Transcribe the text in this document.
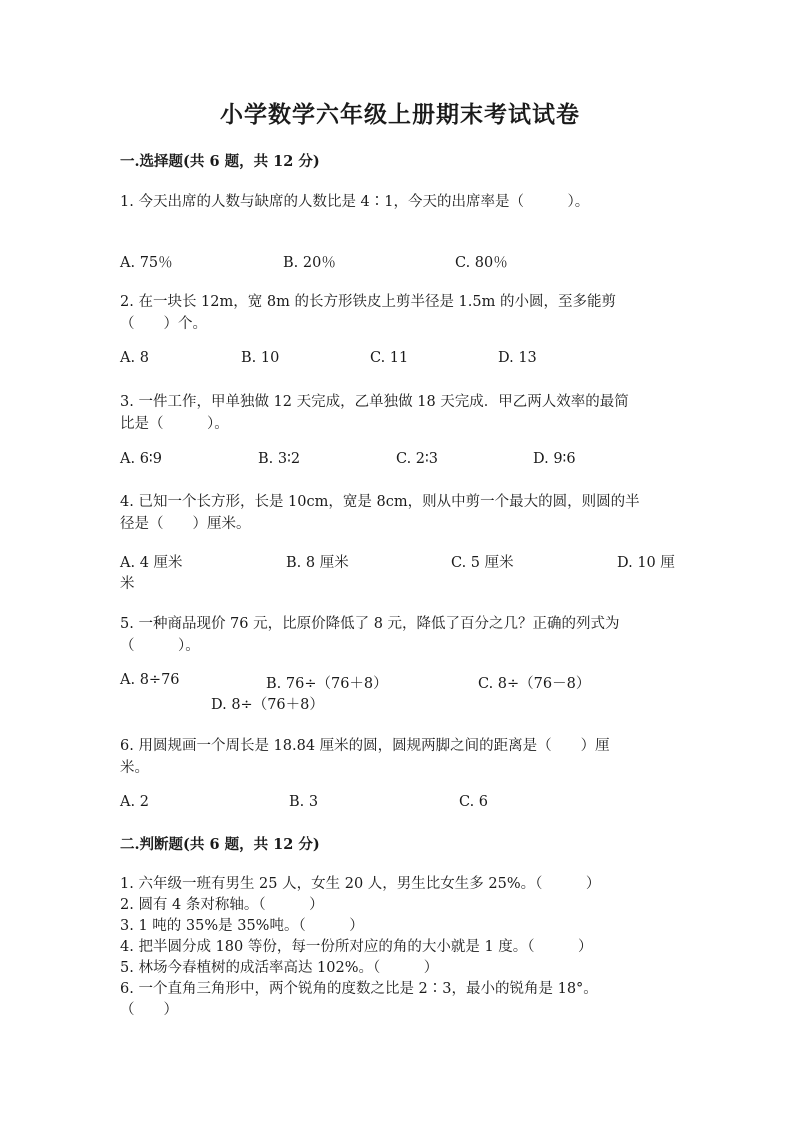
小学数学六年级上册期末考试试卷
一.选择题(共 6 题，共 12 分)
1. 今天出席的人数与缺席的人数比是 4∶1，今天的出席率是（　　　）。
A. 75％	B. 20％	C. 80％
2. 在一块长 12m，宽 8m 的长方形铁皮上剪半径是 1.5m 的小圆，至多能剪
（　　）个。
A. 8	B. 10	C. 11	D. 13
3. 一件工作，甲单独做 12 天完成，乙单独做 18 天完成．甲乙两人效率的最简
比是（　　　）。
A. 6∶9	B. 3∶2	C. 2∶3	D. 9∶6
4. 已知一个长方形，长是 10cm，宽是 8cm，则从中剪一个最大的圆，则圆的半
径是（　　）厘米。
A. 4 厘米	B. 8 厘米	C. 5 厘米	D. 10 厘
米
5. 一种商品现价 76 元，比原价降低了 8 元，降低了百分之几？正确的列式为
（　　　）。
A. 8÷76	B. 76÷（76＋8）	C. 8÷（76－8）
D. 8÷（76＋8）
6. 用圆规画一个周长是 18.84 厘米的圆，圆规两脚之间的距离是（　　）厘
米。
A. 2	B. 3	C. 6
二.判断题(共 6 题，共 12 分)
1. 六年级一班有男生 25 人，女生 20 人，男生比女生多 25%。（　　　）
2. 圆有 4 条对称轴。（　　　）
3. 1 吨的 35%是 35%吨。（　　　）
4. 把半圆分成 180 等份，每一份所对应的角的大小就是 1 度。（　　　）
5. 林场今春植树的成活率高达 102%。（　　　）
6. 一个直角三角形中，两个锐角的度数之比是 2∶3，最小的锐角是 18°。
（　　）
